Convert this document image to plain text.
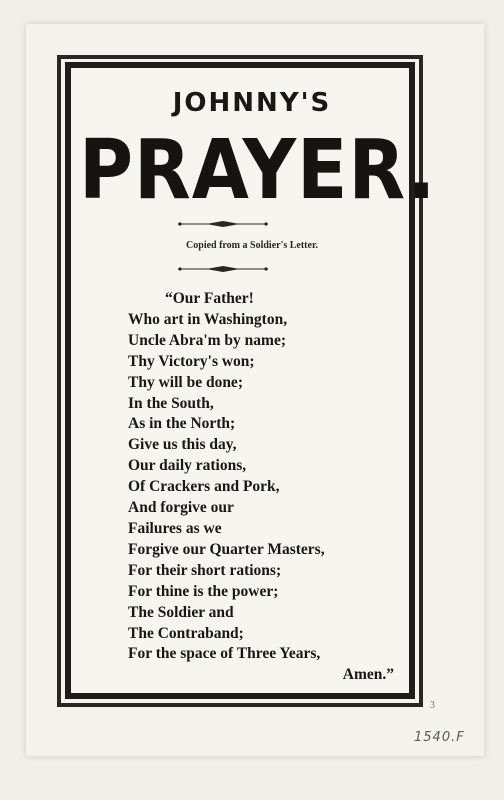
JOHNNY'S
PRAYER.
Copied from a Soldier's Letter.
“Our Father!
Who art in Washington,
Uncle Abra'm by name;
Thy Victory's won;
Thy will be done;
In the South,
As in the North;
Give us this day,
Our daily rations,
Of Crackers and Pork,
And forgive our
Failures as we
Forgive our Quarter Masters,
For their short rations;
For thine is the power;
The Soldier and
The Contraband;
For the space of Three Years,
Amen.”
3
1540.F
